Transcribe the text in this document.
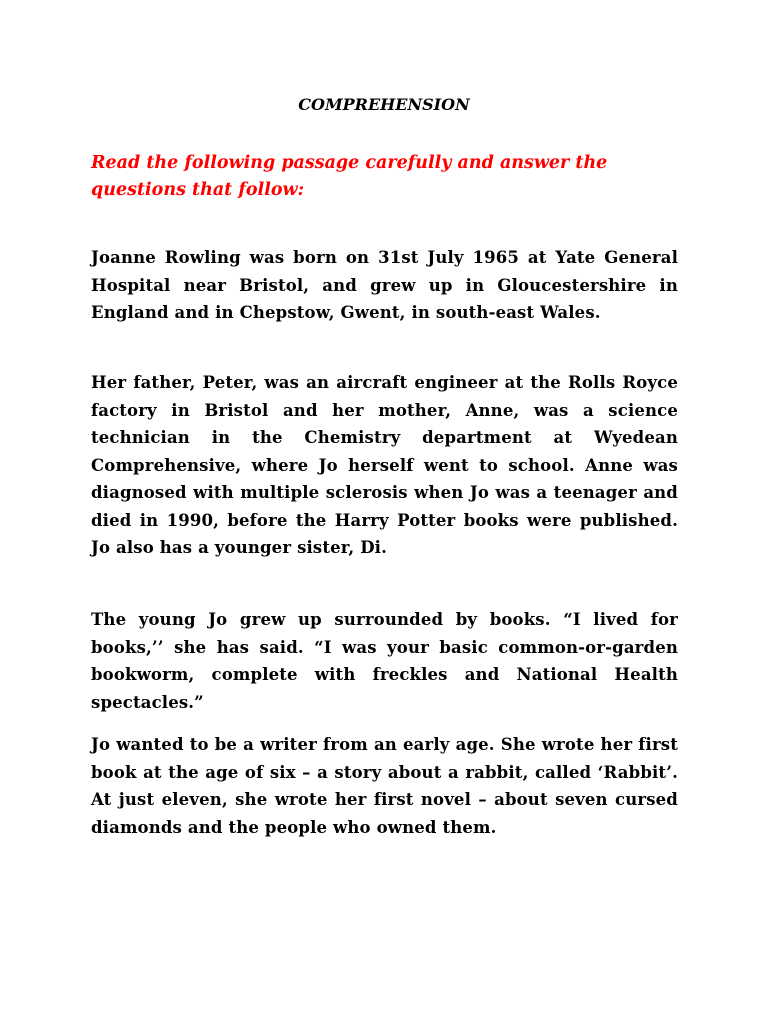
COMPREHENSION
Read the following passage carefully and answer the questions that follow:

Joanne Rowling was born on 31st July 1965 at Yate General Hospital near Bristol, and grew up in Gloucestershire in England and in Chepstow, Gwent, in south-east Wales.

Her father, Peter, was an aircraft engineer at the Rolls Royce factory in Bristol and her mother, Anne, was a science technician in the Chemistry department at Wyedean Comprehensive, where Jo herself went to school. Anne was diagnosed with multiple sclerosis when Jo was a teenager and died in 1990, before the Harry Potter books were published. Jo also has a younger sister, Di.

The young Jo grew up surrounded by books. “I lived for books,’’ she has said. “I was your basic common-or-garden bookworm, complete with freckles and National Health spectacles.”

Jo wanted to be a writer from an early age. She wrote her first book at the age of six – a story about a rabbit, called ‘Rabbit’. At just eleven, she wrote her first novel – about seven cursed diamonds and the people who owned them.
